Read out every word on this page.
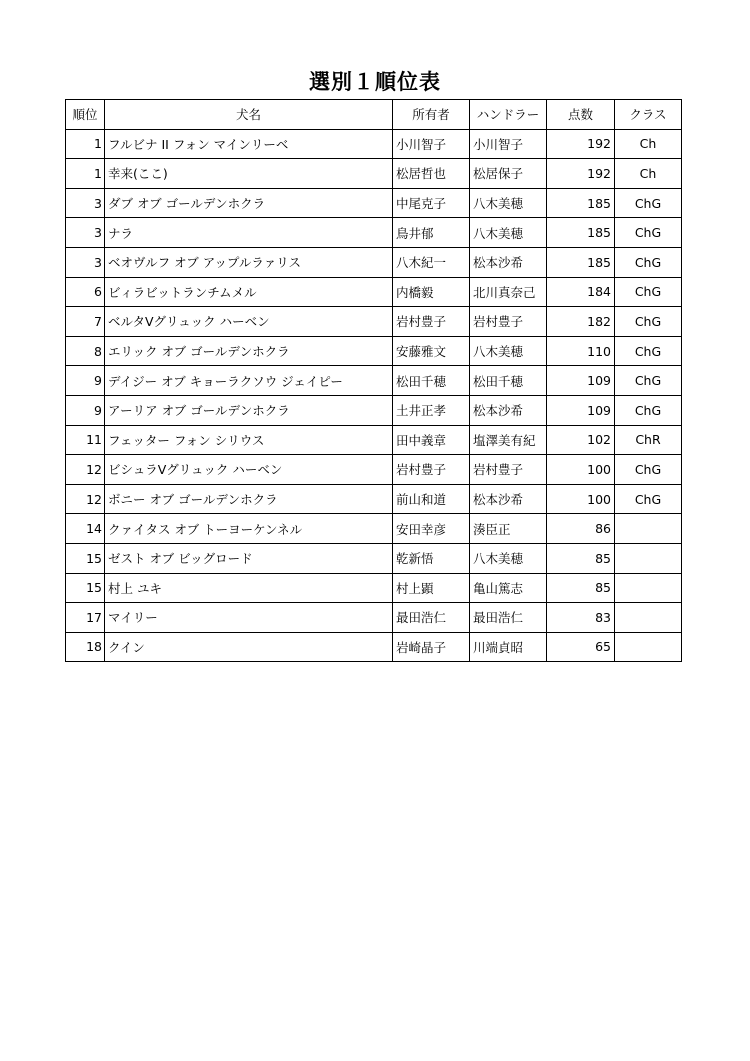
選別１順位表
順位	犬名	所有者	ハンドラー	点数	クラス
1	フルビナ II フォン マインリーベ	小川智子	小川智子	192	Ch
1	幸来(ここ)	松居哲也	松居保子	192	Ch
3	ダブ オブ ゴールデンホクラ	中尾克子	八木美穂	185	ChG
3	ナラ	鳥井郁	八木美穂	185	ChG
3	ベオヴルフ オブ アップルラァリス	八木紀一	松本沙希	185	ChG
6	ビィラビットランチムメル	内橋毅	北川真奈己	184	ChG
7	ベルタVグリュック ハーベン	岩村豊子	岩村豊子	182	ChG
8	エリック オブ ゴールデンホクラ	安藤雅文	八木美穂	110	ChG
9	デイジー オブ キョーラクソウ ジェイピー	松田千穂	松田千穂	109	ChG
9	アーリア オブ ゴールデンホクラ	土井正孝	松本沙希	109	ChG
11	フェッター フォン シリウス	田中義章	塩澤美有紀	102	ChR
12	ビシュラVグリュック ハーベン	岩村豊子	岩村豊子	100	ChG
12	ボニー オブ ゴールデンホクラ	前山和道	松本沙希	100	ChG
14	クァイタス オブ トーヨーケンネル	安田幸彦	湊臣正	86	
15	ゼスト オブ ビッグロード	乾新悟	八木美穂	85	
15	村上 ユキ	村上顕	亀山篤志	85	
17	マイリー	最田浩仁	最田浩仁	83	
18	クイン	岩崎晶子	川端貞昭	65	
